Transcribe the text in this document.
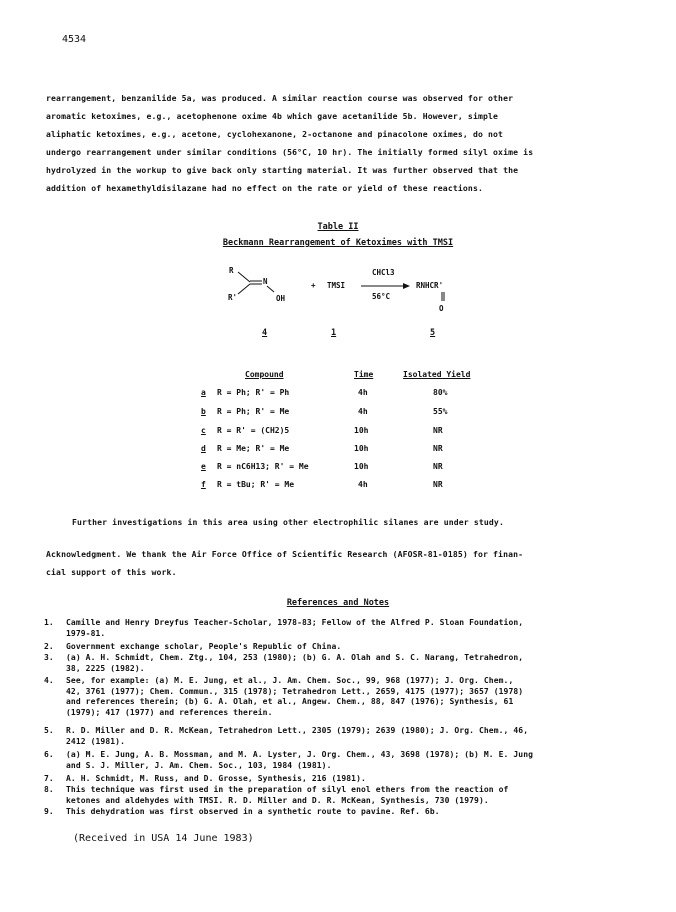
4534
rearrangement, benzanilide 5a, was produced. A similar reaction course was observed for other
aromatic ketoximes, e.g., acetophenone oxime 4b which gave acetanilide 5b. However, simple
aliphatic ketoximes, e.g., acetone, cyclohexanone, 2-octanone and pinacolone oximes, do not
undergo rearrangement under similar conditions (56°C, 10 hr). The initially formed silyl oxime is
hydrolyzed in the workup to give back only starting material. It was further observed that the
addition of hexamethyldisilazane had no effect on the rate or yield of these reactions.
Table II
Beckmann Rearrangement of Ketoximes with TMSI
R
R'
N
OH
+ TMSI
CHCl3
56°C
RNHCR'
O
4	1	5
Compound	Time	Isolated Yield
a R = Ph; R' = Ph	4h	80%
b R = Ph; R' = Me	4h	55%
c R = R' = (CH2)5	10h	NR
d R = Me; R' = Me	10h	NR
e R = nC6H13; R' = Me	10h	NR
f R = tBu; R' = Me	4h	NR
Further investigations in this area using other electrophilic silanes are under study.
Acknowledgment. We thank the Air Force Office of Scientific Research (AFOSR-81-0185) for finan-
cial support of this work.
References and Notes
1. Camille and Henry Dreyfus Teacher-Scholar, 1978-83; Fellow of the Alfred P. Sloan Foundation,
1979-81.
2. Government exchange scholar, People's Republic of China.
3. (a) A. H. Schmidt, Chem. Ztg., 104, 253 (1980); (b) G. A. Olah and S. C. Narang, Tetrahedron,
38, 2225 (1982).
4. See, for example: (a) M. E. Jung, et al., J. Am. Chem. Soc., 99, 968 (1977); J. Org. Chem.,
42, 3761 (1977); Chem. Commun., 315 (1978); Tetrahedron Lett., 2659, 4175 (1977); 3657 (1978)
and references therein; (b) G. A. Olah, et al., Angew. Chem., 88, 847 (1976); Synthesis, 61
(1979); 417 (1977) and references therein.
5. R. D. Miller and D. R. McKean, Tetrahedron Lett., 2305 (1979); 2639 (1980); J. Org. Chem., 46,
2412 (1981).
6. (a) M. E. Jung, A. B. Mossman, and M. A. Lyster, J. Org. Chem., 43, 3698 (1978); (b) M. E. Jung
and S. J. Miller, J. Am. Chem. Soc., 103, 1984 (1981).
7. A. H. Schmidt, M. Russ, and D. Grosse, Synthesis, 216 (1981).
8. This technique was first used in the preparation of silyl enol ethers from the reaction of
ketones and aldehydes with TMSI. R. D. Miller and D. R. McKean, Synthesis, 730 (1979).
9. This dehydration was first observed in a synthetic route to pavine. Ref. 6b.
(Received in USA 14 June 1983)
